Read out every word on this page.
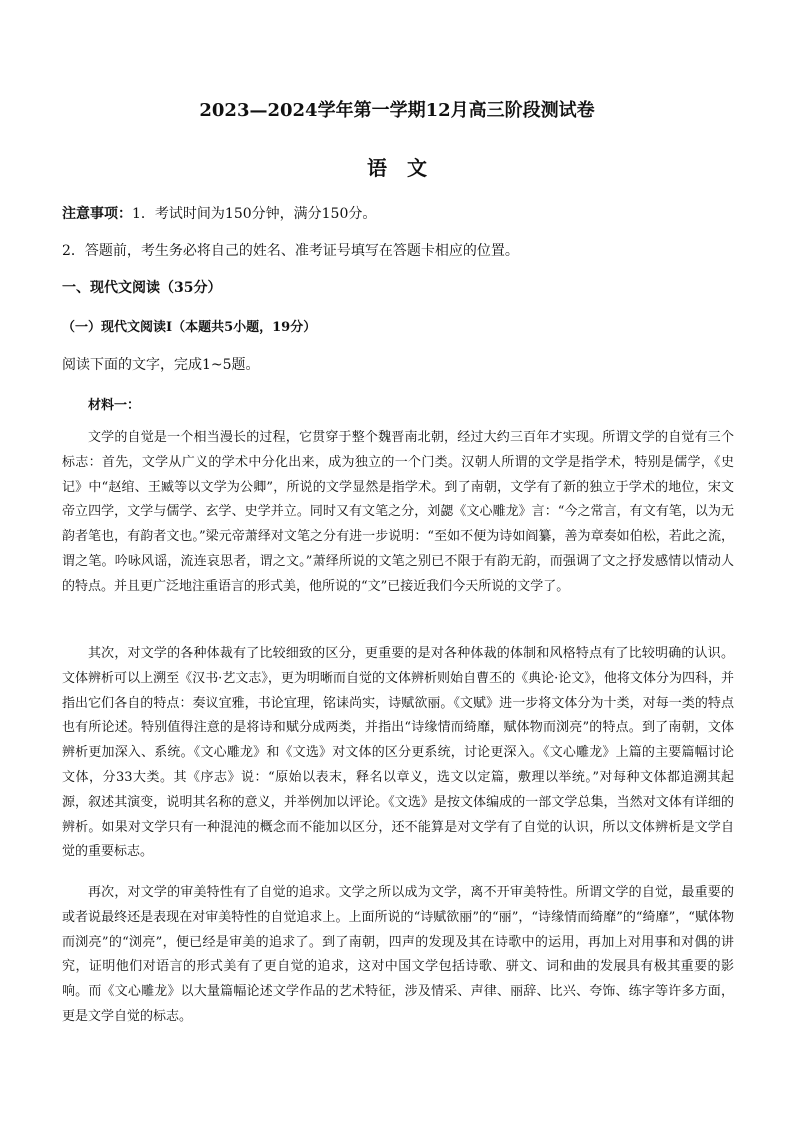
2023—2024学年第一学期12月高三阶段测试卷
语文
注意事项：1．考试时间为150分钟，满分150分。
2．答题前，考生务必将自己的姓名、准考证号填写在答题卡相应的位置。
一、现代文阅读（35分）
（一）现代文阅读Ⅰ（本题共5小题，19分）
阅读下面的文字，完成1~5题。
材料一：
文学的自觉是一个相当漫长的过程，它贯穿于整个魏晋南北朝，经过大约三百年才实现。所谓文学的自觉有三个标志：首先，文学从广义的学术中分化出来，成为独立的一个门类。汉朝人所谓的文学是指学术，特别是儒学，《史记》中“赵绾、王臧等以文学为公卿”，所说的文学显然是指学术。到了南朝，文学有了新的独立于学术的地位，宋文帝立四学，文学与儒学、玄学、史学并立。同时又有文笔之分，刘勰《文心雕龙》言：“今之常言，有文有笔，以为无韵者笔也，有韵者文也。”梁元帝萧绎对文笔之分有进一步说明：“至如不便为诗如阎纂，善为章奏如伯松，若此之流，谓之笔。吟咏风谣，流连哀思者，谓之文。”萧绎所说的文笔之别已不限于有韵无韵，而强调了文之抒发感情以情动人的特点。并且更广泛地注重语言的形式美，他所说的“文”已接近我们今天所说的文学了。
其次，对文学的各种体裁有了比较细致的区分，更重要的是对各种体裁的体制和风格特点有了比较明确的认识。文体辨析可以上溯至《汉书·艺文志》，更为明晰而自觉的文体辨析则始自曹丕的《典论·论文》，他将文体分为四科，并指出它们各自的特点：奏议宜雅，书论宜理，铭诔尚实，诗赋欲丽。《文赋》进一步将文体分为十类，对每一类的特点也有所论述。特别值得注意的是将诗和赋分成两类，并指出“诗缘情而绮靡，赋体物而浏亮”的特点。到了南朝，文体辨析更加深入、系统。《文心雕龙》和《文选》对文体的区分更系统，讨论更深入。《文心雕龙》上篇的主要篇幅讨论文体，分33大类。其《序志》说：“原始以表末，释名以章义，选文以定篇，敷理以举统。”对每种文体都追溯其起源，叙述其演变，说明其名称的意义，并举例加以评论。《文选》是按文体编成的一部文学总集，当然对文体有详细的辨析。如果对文学只有一种混沌的概念而不能加以区分，还不能算是对文学有了自觉的认识，所以文体辨析是文学自觉的重要标志。
再次，对文学的审美特性有了自觉的追求。文学之所以成为文学，离不开审美特性。所谓文学的自觉，最重要的或者说最终还是表现在对审美特性的自觉追求上。上面所说的“诗赋欲丽”的“丽”，“诗缘情而绮靡”的“绮靡”，“赋体物而浏亮”的“浏亮”，便已经是审美的追求了。到了南朝，四声的发现及其在诗歌中的运用，再加上对用事和对偶的讲究，证明他们对语言的形式美有了更自觉的追求，这对中国文学包括诗歌、骈文、词和曲的发展具有极其重要的影响。而《文心雕龙》以大量篇幅论述文学作品的艺术特征，涉及情采、声律、丽辞、比兴、夸饰、练字等许多方面，更是文学自觉的标志。
